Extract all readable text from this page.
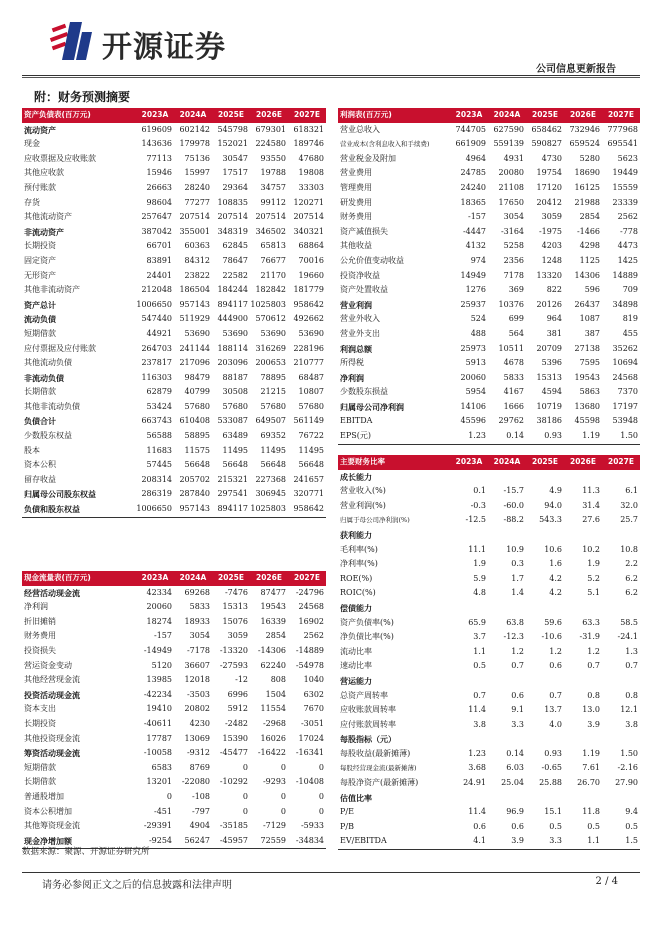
开源证券
公司信息更新报告
附：财务预测摘要
资产负债表(百万元)	2023A	2024A	2025E	2026E	2027E
流动资产	619609	602142	545798	679301	618321
现金	143636	179978	152021	224580	189746
应收票据及应收账款	77113	75136	30547	93550	47680
其他应收款	15946	15997	17517	19788	19808
预付账款	26663	28240	29364	34757	33303
存货	98604	77277	108835	99112	120271
其他流动资产	257647	207514	207514	207514	207514
非流动资产	387042	355001	348319	346502	340321
长期投资	66701	60363	62845	65813	68864
固定资产	83891	84312	78647	76677	70016
无形资产	24401	23822	22582	21170	19660
其他非流动资产	212048	186504	184244	182842	181779
资产总计	1006650	957143	894117	1025803	958642
流动负债	547440	511929	444900	570612	492662
短期借款	44921	53690	53690	53690	53690
应付票据及应付账款	264703	241144	188114	316269	228196
其他流动负债	237817	217096	203096	200653	210777
非流动负债	116303	98479	88187	78895	68487
长期借款	62879	40799	30508	21215	10807
其他非流动负债	53424	57680	57680	57680	57680
负债合计	663743	610408	533087	649507	561149
少数股东权益	56588	58895	63489	69352	76722
股本	11683	11575	11495	11495	11495
资本公积	57445	56648	56648	56648	56648
留存收益	208314	205702	215321	227368	241657
归属母公司股东权益	286319	287840	297541	306945	320771
负债和股东权益	1006650	957143	894117	1025803	958642
利润表(百万元)	2023A	2024A	2025E	2026E	2027E
营业总收入	744705	627590	658462	732946	777968
营业成本(含利息收入和手续费)	661909	559139	590827	659524	695541
营业税金及附加	4964	4931	4730	5280	5623
营业费用	24785	20080	19754	18690	19449
管理费用	24240	21108	17120	16125	15559
研发费用	18365	17650	20412	21988	23339
财务费用	-157	3054	3059	2854	2562
资产减值损失	-4447	-3164	-1975	-1466	-778
其他收益	4132	5258	4203	4298	4473
公允价值变动收益	974	2356	1248	1125	1425
投资净收益	14949	7178	13320	14306	14889
资产处置收益	1276	369	822	596	709
营业利润	25937	10376	20126	26437	34898
营业外收入	524	699	964	1087	819
营业外支出	488	564	381	387	455
利润总额	25973	10511	20709	27138	35262
所得税	5913	4678	5396	7595	10694
净利润	20060	5833	15313	19543	24568
少数股东损益	5954	4167	4594	5863	7370
归属母公司净利润	14106	1666	10719	13680	17197
EBITDA	45596	29762	38186	45598	53948
EPS(元)	1.23	0.14	0.93	1.19	1.50
主要财务比率	2023A	2024A	2025E	2026E	2027E
成长能力					
营业收入(%)	0.1	-15.7	4.9	11.3	6.1
营业利润(%)	-0.3	-60.0	94.0	31.4	32.0
归属于母公司净利润(%)	-12.5	-88.2	543.3	27.6	25.7
获利能力					
毛利率(%)	11.1	10.9	10.6	10.2	10.8
净利率(%)	1.9	0.3	1.6	1.9	2.2
ROE(%)	5.9	1.7	4.2	5.2	6.2
ROIC(%)	4.8	1.4	4.2	5.1	6.2
偿债能力					
资产负债率(%)	65.9	63.8	59.6	63.3	58.5
净负债比率(%)	3.7	-12.3	-10.6	-31.9	-24.1
流动比率	1.1	1.2	1.2	1.2	1.3
速动比率	0.5	0.7	0.6	0.7	0.7
营运能力					
总资产周转率	0.7	0.6	0.7	0.8	0.8
应收账款周转率	11.4	9.1	13.7	13.0	12.1
应付账款周转率	3.8	3.3	4.0	3.9	3.8
每股指标（元）					
每股收益(最新摊薄)	1.23	0.14	0.93	1.19	1.50
每股经营现金流(最新摊薄)	3.68	6.03	-0.65	7.61	-2.16
每股净资产(最新摊薄)	24.91	25.04	25.88	26.70	27.90
估值比率					
P/E	11.4	96.9	15.1	11.8	9.4
P/B	0.6	0.6	0.5	0.5	0.5
EV/EBITDA	4.1	3.9	3.3	1.1	1.5
现金流量表(百万元)	2023A	2024A	2025E	2026E	2027E
经营活动现金流	42334	69268	-7476	87477	-24796
净利润	20060	5833	15313	19543	24568
折旧摊销	18274	18933	15076	16339	16902
财务费用	-157	3054	3059	2854	2562
投资损失	-14949	-7178	-13320	-14306	-14889
营运资金变动	5120	36607	-27593	62240	-54978
其他经营现金流	13985	12018	-12	808	1040
投资活动现金流	-42234	-3503	6996	1504	6302
资本支出	19410	20802	5912	11554	7670
长期投资	-40611	4230	-2482	-2968	-3051
其他投资现金流	17787	13069	15390	16026	17024
筹资活动现金流	-10058	-9312	-45477	-16422	-16341
短期借款	6583	8769	0	0	0
长期借款	13201	-22080	-10292	-9293	-10408
普通股增加	0	-108	0	0	0
资本公积增加	-451	-797	0	0	0
其他筹资现金流	-29391	4904	-35185	-7129	-5933
现金净增加额	-9254	56247	-45957	72559	-34834
数据来源：聚源、开源证券研究所
请务必参阅正文之后的信息披露和法律声明	2 / 4
